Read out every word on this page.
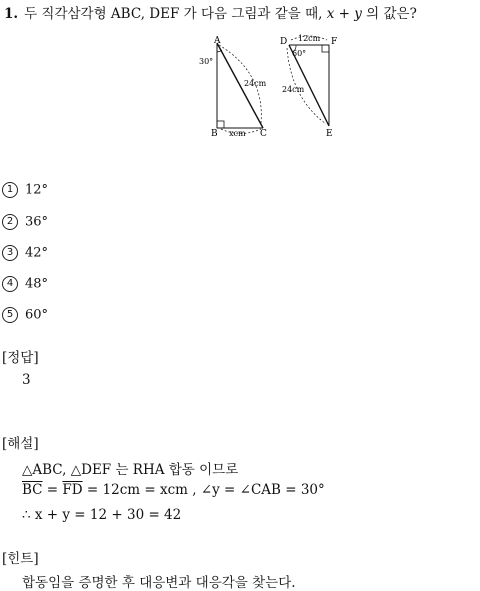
1. 두 직각삼각형 ABC, DEF 가 다음 그림과 같을 때, x + y 의 값은?
A
B	C
30°
24cm
xcm
D	F
E
12cm
60°
24cm
1 12°
2 36°
3 42°
4 48°
5 60°
[정답]
3
[해설]
△ABC, △DEF 는 RHA 합동 이므로
$\overline{BC} = \overline{FD} = 12cm$ = xcm , ∠y = ∠CAB = 30°
∴ x + y = 12 + 30 = 42
[힌트]
합동임을 증명한 후 대응변과 대응각을 찾는다.
